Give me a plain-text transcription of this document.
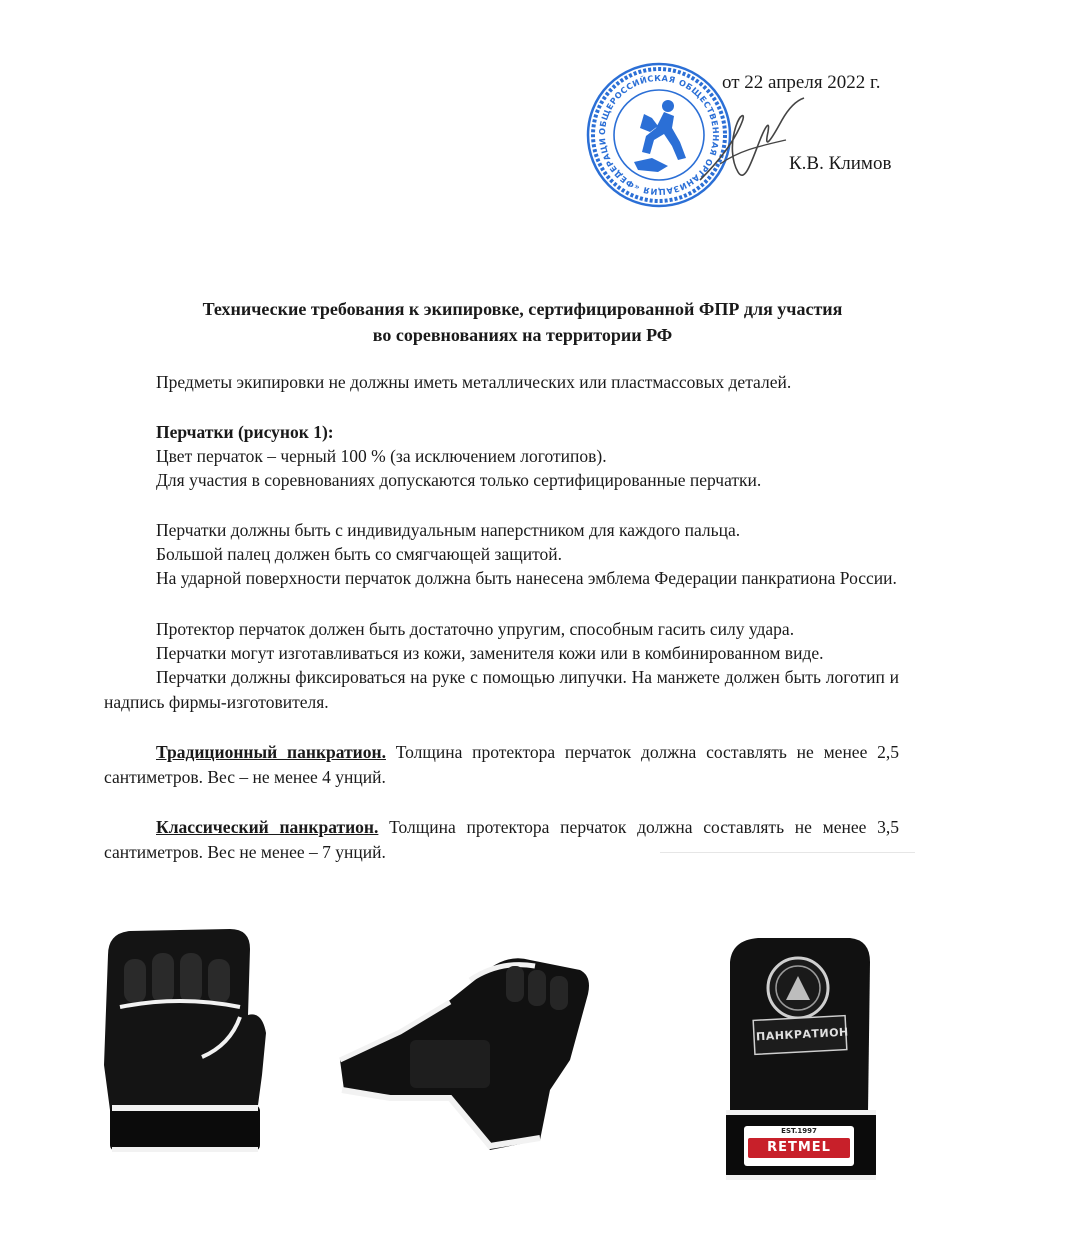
ОБЩЕРОССИЙСКАЯ ОБЩЕСТВЕННАЯ ОРГАНИЗАЦИЯ «ФЕДЕРАЦИ
от 22 апреля 2022 г.
К.В. Климов
Технические требования к экипировке, сертифицированной ФПР для участия
во соревнованиях на территории РФ
Предметы экипировки не должны иметь металлических или пластмассовых деталей.
Перчатки (рисунок 1):
Цвет перчаток – черный 100 % (за исключением логотипов).
Для участия в соревнованиях допускаются только сертифицированные перчатки.
Перчатки должны быть с индивидуальным наперстником для каждого пальца.
Большой палец должен быть со смягчающей защитой.
На ударной поверхности перчаток должна быть нанесена эмблема Федерации панкратиона России.
Протектор перчаток должен быть достаточно упругим, способным гасить силу удара.
Перчатки могут изготавливаться из кожи, заменителя кожи или в комбинированном виде.
Перчатки должны фиксироваться на руке с помощью липучки. На манжете должен быть логотип и надпись фирмы-изготовителя.
Традиционный панкратион. Толщина протектора перчаток должна составлять не менее 2,5 сантиметров. Вес – не менее 4 унций.
Классический панкратион. Толщина протектора перчаток должна составлять не менее 3,5 сантиметров. Вес не менее – 7 унций.
ПАНКРАТИОН
EST.1997
RETMEL
